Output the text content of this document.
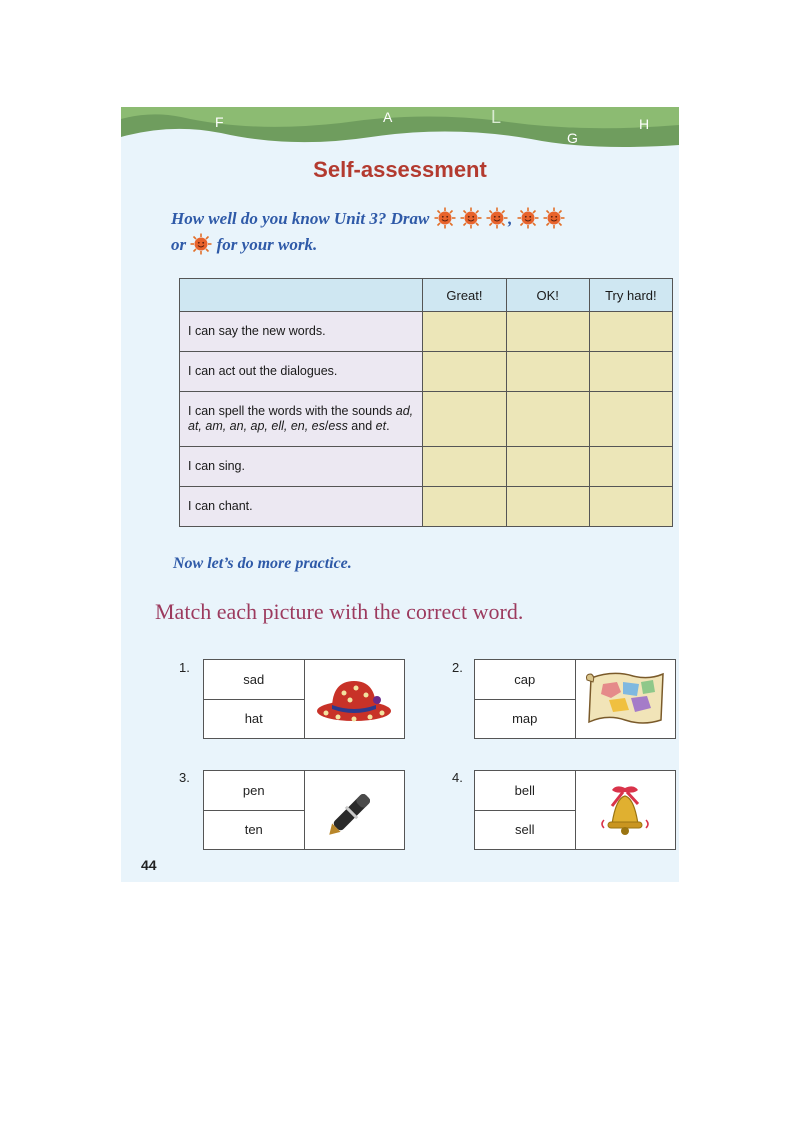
F	A	L
G
H
Self-assessment
How well do you know Unit 3? Draw	,
or for your work.
	Great!	OK!	Try hard!
I can say the new words.			
I can act out the dialogues.			
I can spell the words with the sounds ad, at, am, an, ap, ell, en, es/ess and et.			
I can sing.			
I can chant.			
Now let’s do more practice.
Match each picture with the correct word.
1.
sad
hat
2.
cap
map
3.
pen
ten
4.
bell
sell
44
